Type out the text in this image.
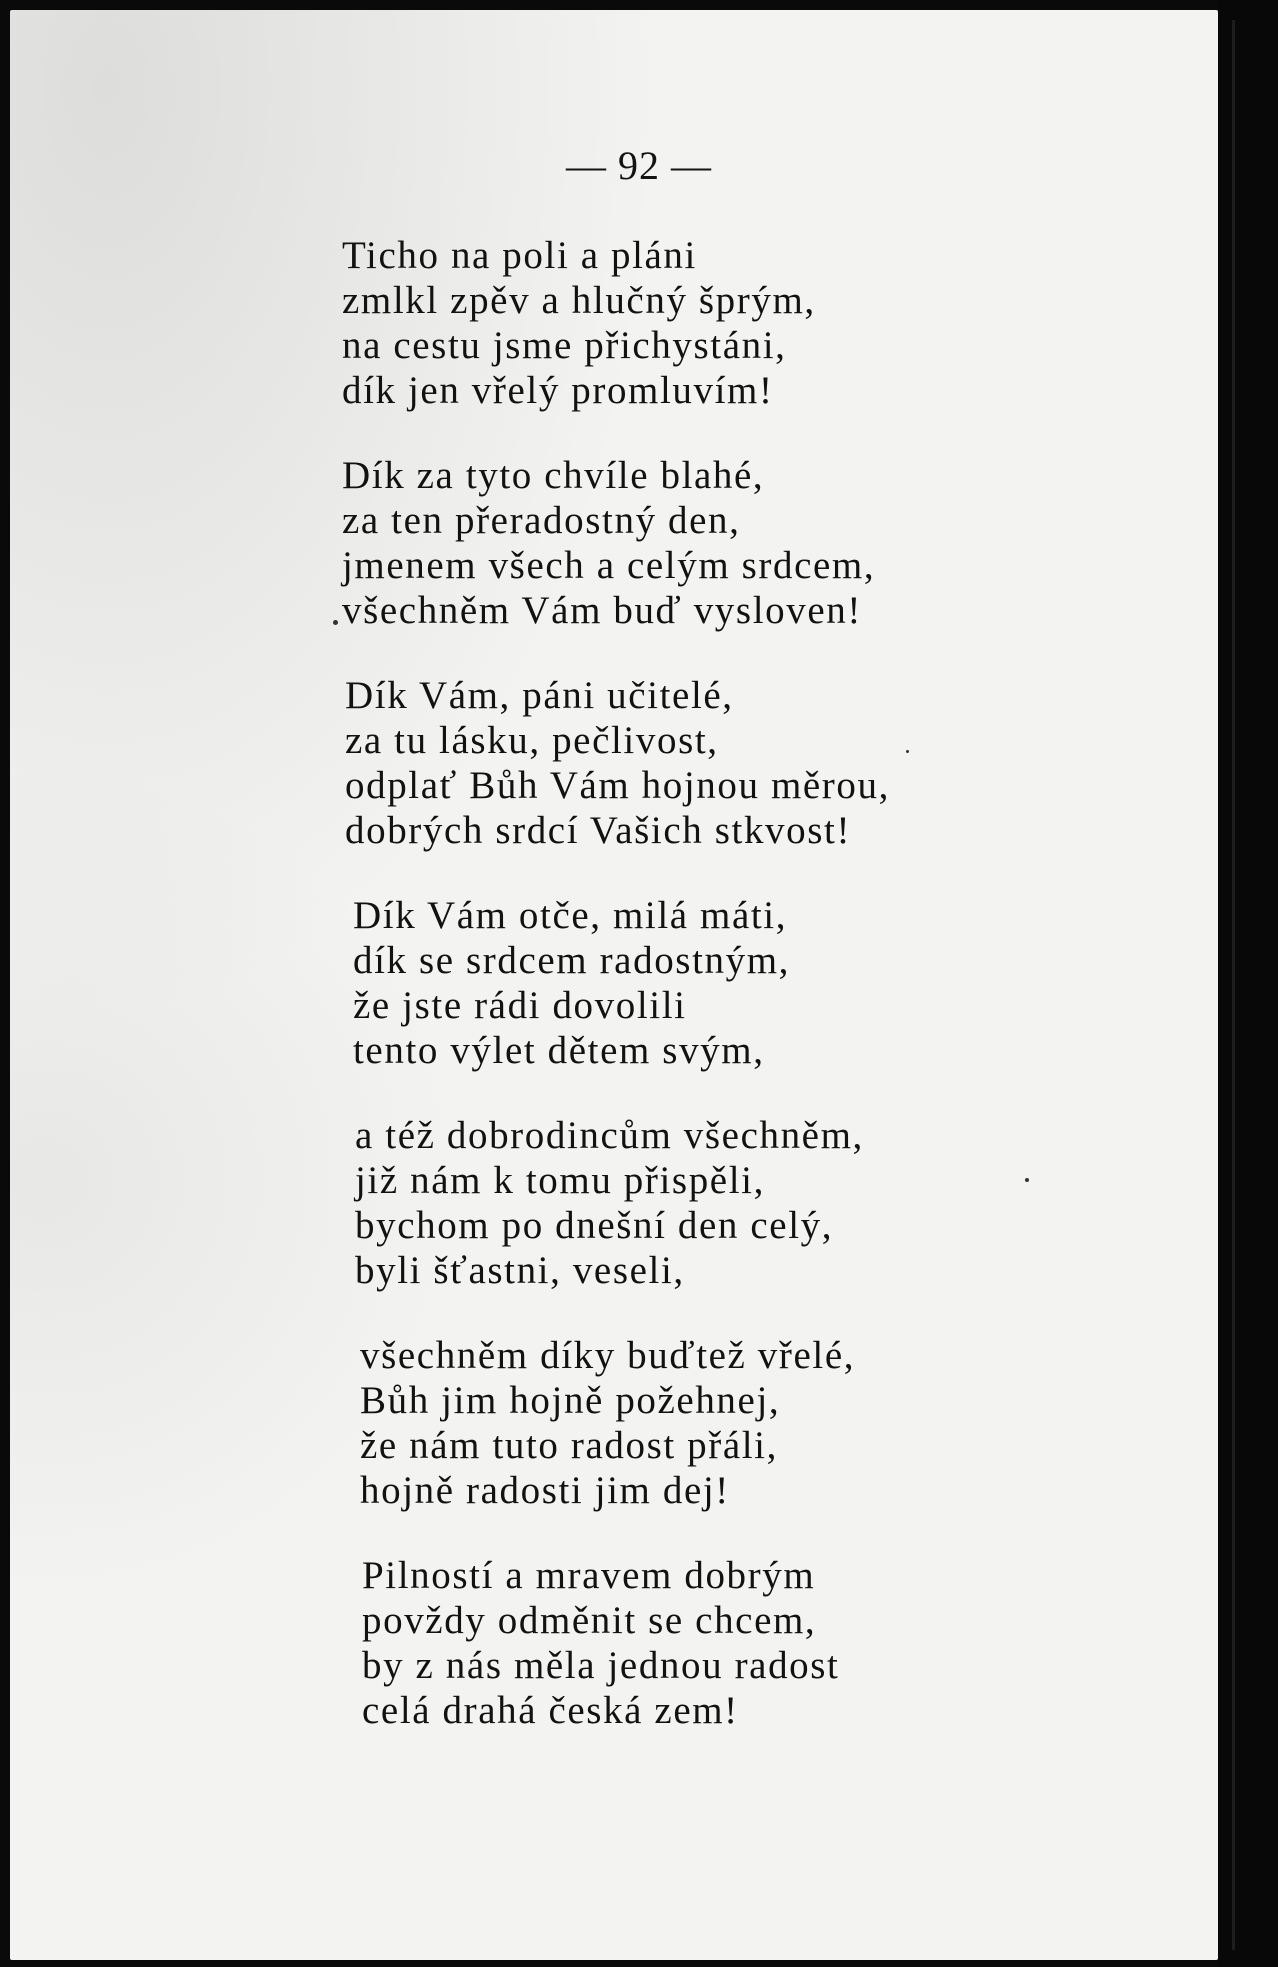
— 92 —
Ticho na poli a pláni
zmlkl zpěv a hlučný šprým,
na cestu jsme přichystáni,
dík jen vřelý promluvím!
Dík za tyto chvíle blahé,
za ten přeradostný den,
jmenem všech a celým srdcem,
všechněm Vám buď vysloven!
Dík Vám, páni učitelé,
za tu lásku, pečlivost,
odplať Bůh Vám hojnou měrou,
dobrých srdcí Vašich stkvost!
Dík Vám otče, milá máti,
dík se srdcem radostným,
že jste rádi dovolili
tento výlet dětem svým,
a též dobrodincům všechněm,
již nám k tomu přispěli,
bychom po dnešní den celý,
byli šťastni, veseli,
všechněm díky buďtež vřelé,
Bůh jim hojně požehnej,
že nám tuto radost přáli,
hojně radosti jim dej!
Pilností a mravem dobrým
povždy odměnit se chcem,
by z nás měla jednou radost
celá drahá česká zem!
